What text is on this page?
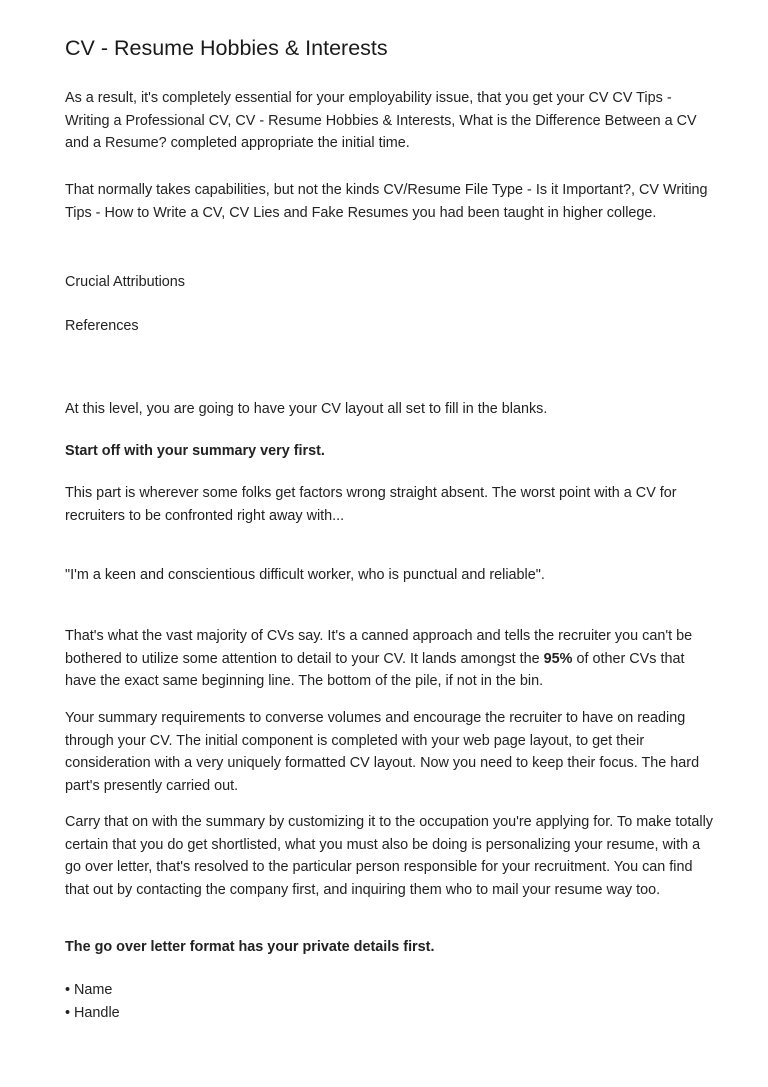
CV - Resume Hobbies & Interests

As a result, it's completely essential for your employability issue, that you get your CV CV Tips - Writing a Professional CV, CV - Resume Hobbies & Interests, What is the Difference Between a CV and a Resume? completed appropriate the initial time.

That normally takes capabilities, but not the kinds CV/Resume File Type - Is it Important?, CV Writing Tips - How to Write a CV, CV Lies and Fake Resumes you had been taught in higher college.

Crucial Attributions

References

At this level, you are going to have your CV layout all set to fill in the blanks.

Start off with your summary very first.

This part is wherever some folks get factors wrong straight absent. The worst point with a CV for recruiters to be confronted right away with...

"I'm a keen and conscientious difficult worker, who is punctual and reliable".

That's what the vast majority of CVs say. It's a canned approach and tells the recruiter you can't be bothered to utilize some attention to detail to your CV. It lands amongst the 95% of other CVs that have the exact same beginning line. The bottom of the pile, if not in the bin.

Your summary requirements to converse volumes and encourage the recruiter to have on reading through your CV. The initial component is completed with your web page layout, to get their consideration with a very uniquely formatted CV layout. Now you need to keep their focus. The hard part's presently carried out.

Carry that on with the summary by customizing it to the occupation you're applying for. To make totally certain that you do get shortlisted, what you must also be doing is personalizing your resume, with a go over letter, that's resolved to the particular person responsible for your recruitment. You can find that out by contacting the company first, and inquiring them who to mail your resume way too.

The go over letter format has your private details first.

• Name
• Handle
